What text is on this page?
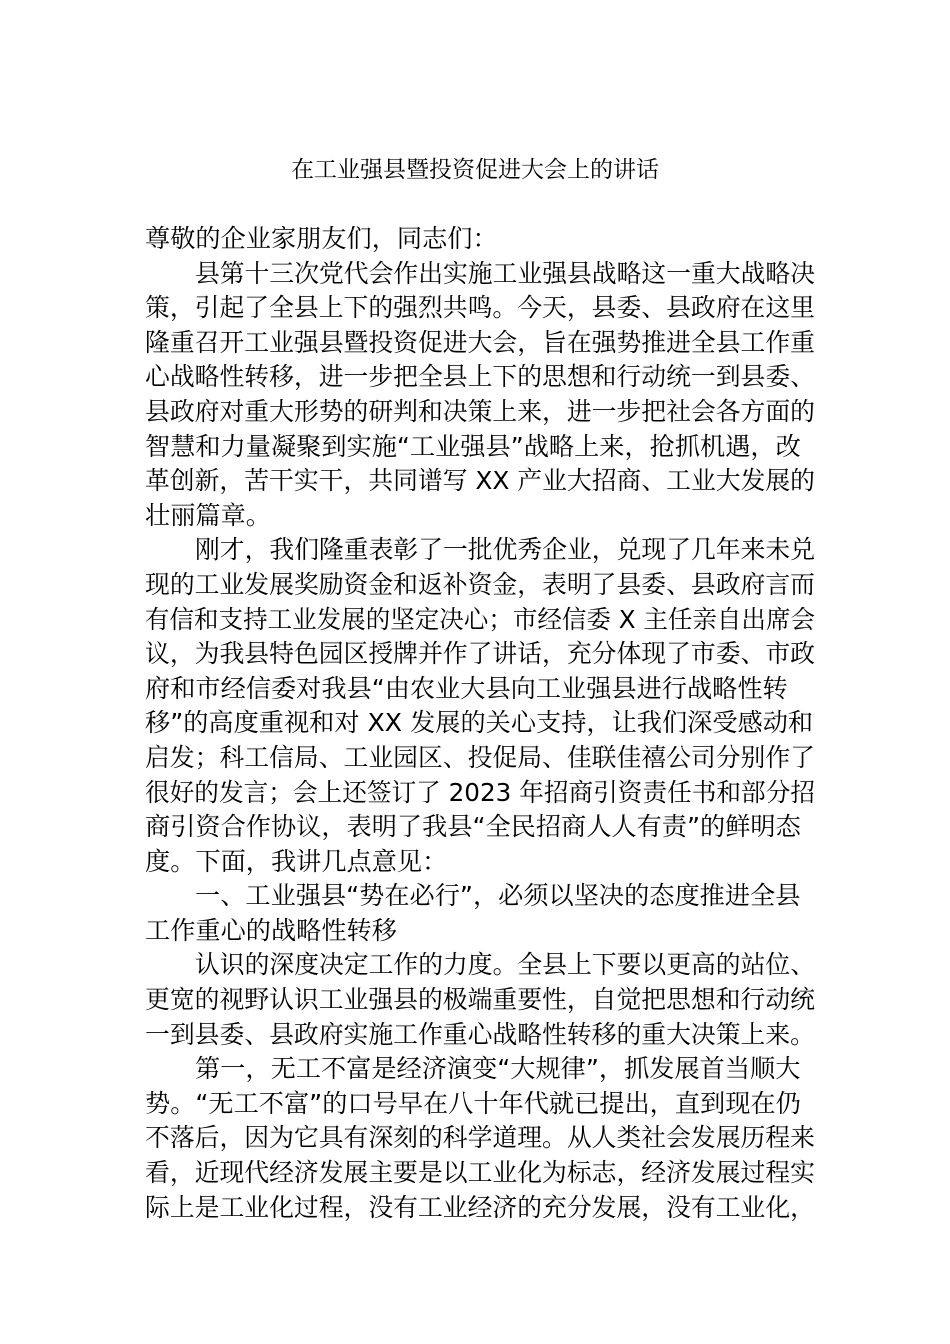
在工业强县暨投资促进大会上的讲话
尊敬的企业家朋友们，同志们：
县第十三次党代会作出实施工业强县战略这一重大战略决
策，引起了全县上下的强烈共鸣。今天，县委、县政府在这里
隆重召开工业强县暨投资促进大会，旨在强势推进全县工作重
心战略性转移，进一步把全县上下的思想和行动统一到县委、
县政府对重大形势的研判和决策上来，进一步把社会各方面的
智慧和力量凝聚到实施“工业强县”战略上来，抢抓机遇，改
革创新，苦干实干，共同谱写 XX 产业大招商、工业大发展的
壮丽篇章。
刚才，我们隆重表彰了一批优秀企业，兑现了几年来未兑
现的工业发展奖励资金和返补资金，表明了县委、县政府言而
有信和支持工业发展的坚定决心；市经信委 X 主任亲自出席会
议，为我县特色园区授牌并作了讲话，充分体现了市委、市政
府和市经信委对我县“由农业大县向工业强县进行战略性转
移”的高度重视和对 XX 发展的关心支持，让我们深受感动和
启发；科工信局、工业园区、投促局、佳联佳禧公司分别作了
很好的发言；会上还签订了 2023 年招商引资责任书和部分招
商引资合作协议，表明了我县“全民招商人人有责”的鲜明态
度。下面，我讲几点意见：
一、工业强县“势在必行”，必须以坚决的态度推进全县
工作重心的战略性转移
认识的深度决定工作的力度。全县上下要以更高的站位、
更宽的视野认识工业强县的极端重要性，自觉把思想和行动统
一到县委、县政府实施工作重心战略性转移的重大决策上来。
第一，无工不富是经济演变“大规律”，抓发展首当顺大
势。“无工不富”的口号早在八十年代就已提出，直到现在仍
不落后，因为它具有深刻的科学道理。从人类社会发展历程来
看，近现代经济发展主要是以工业化为标志，经济发展过程实
际上是工业化过程，没有工业经济的充分发展，没有工业化，
